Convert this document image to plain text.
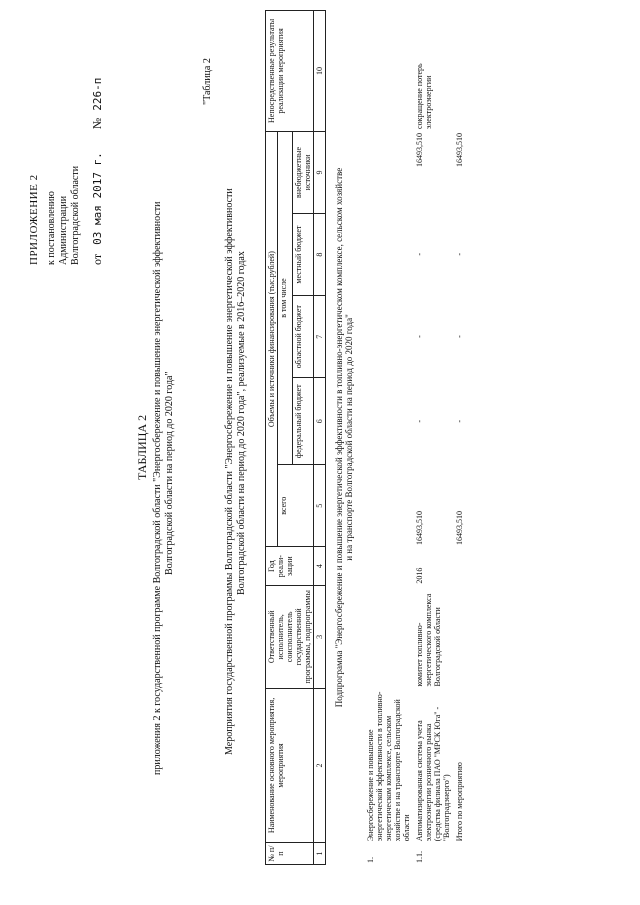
ПРИЛОЖЕНИЕ 2 к постановлению Администрации Волгоградской области от 03 мая 2017 г. № 226-п
ТАБЛИЦА 2 приложения 2 к государственной программе Волгоградской области "Энергосбережение и повышение энергетической эффективности Волгоградской области на период до 2020 года"
"Таблица 2
Мероприятия государственной программы Волгоградской области "Энергосбережение и повышение энергетической эффективности Волгоградской области на период до 2020 года", реализуемые в 2016–2020 годах
№ п/п	Наименование основного мероприятия, мероприятия	Ответственный исполнитель, соисполнитель государственной программы, подпрограммы	Год реали-зации	Объемы и источники финансирования (тыс.рублей)					Непосредственные результаты реализации мероприятия
				всего	в том числе				
					федеральный бюджет	областной бюджет	местный бюджет	внебюджетные источники	
1	2	3	4	5	6	7	8	9	10
Подпрограмма "Энергосбережение и повышение энергетической эффективности в топливно-энергетическом комплексе, сельском хозяйстве и на транспорте Волгоградской области на период до 2020 года"
1.	Энергосбережение и повышение энергетической эффективности в топливно-энергетическом комплексе, сельском хозяйстве и на транспорте Волгоградской области								
1.1.	Автоматизированная система учета электроэнергии розничного рынка (средства филиала ПАО "МРСК Юга" - "Волгоградэнерго")	комитет топливно-энергетического комплекса Волгоградской области	2016	16493,510	-	-	-	16493,510	сокращение потерь электроэнергии
	Итого по мероприятию			16493,510	-	-	-	16493,510	
